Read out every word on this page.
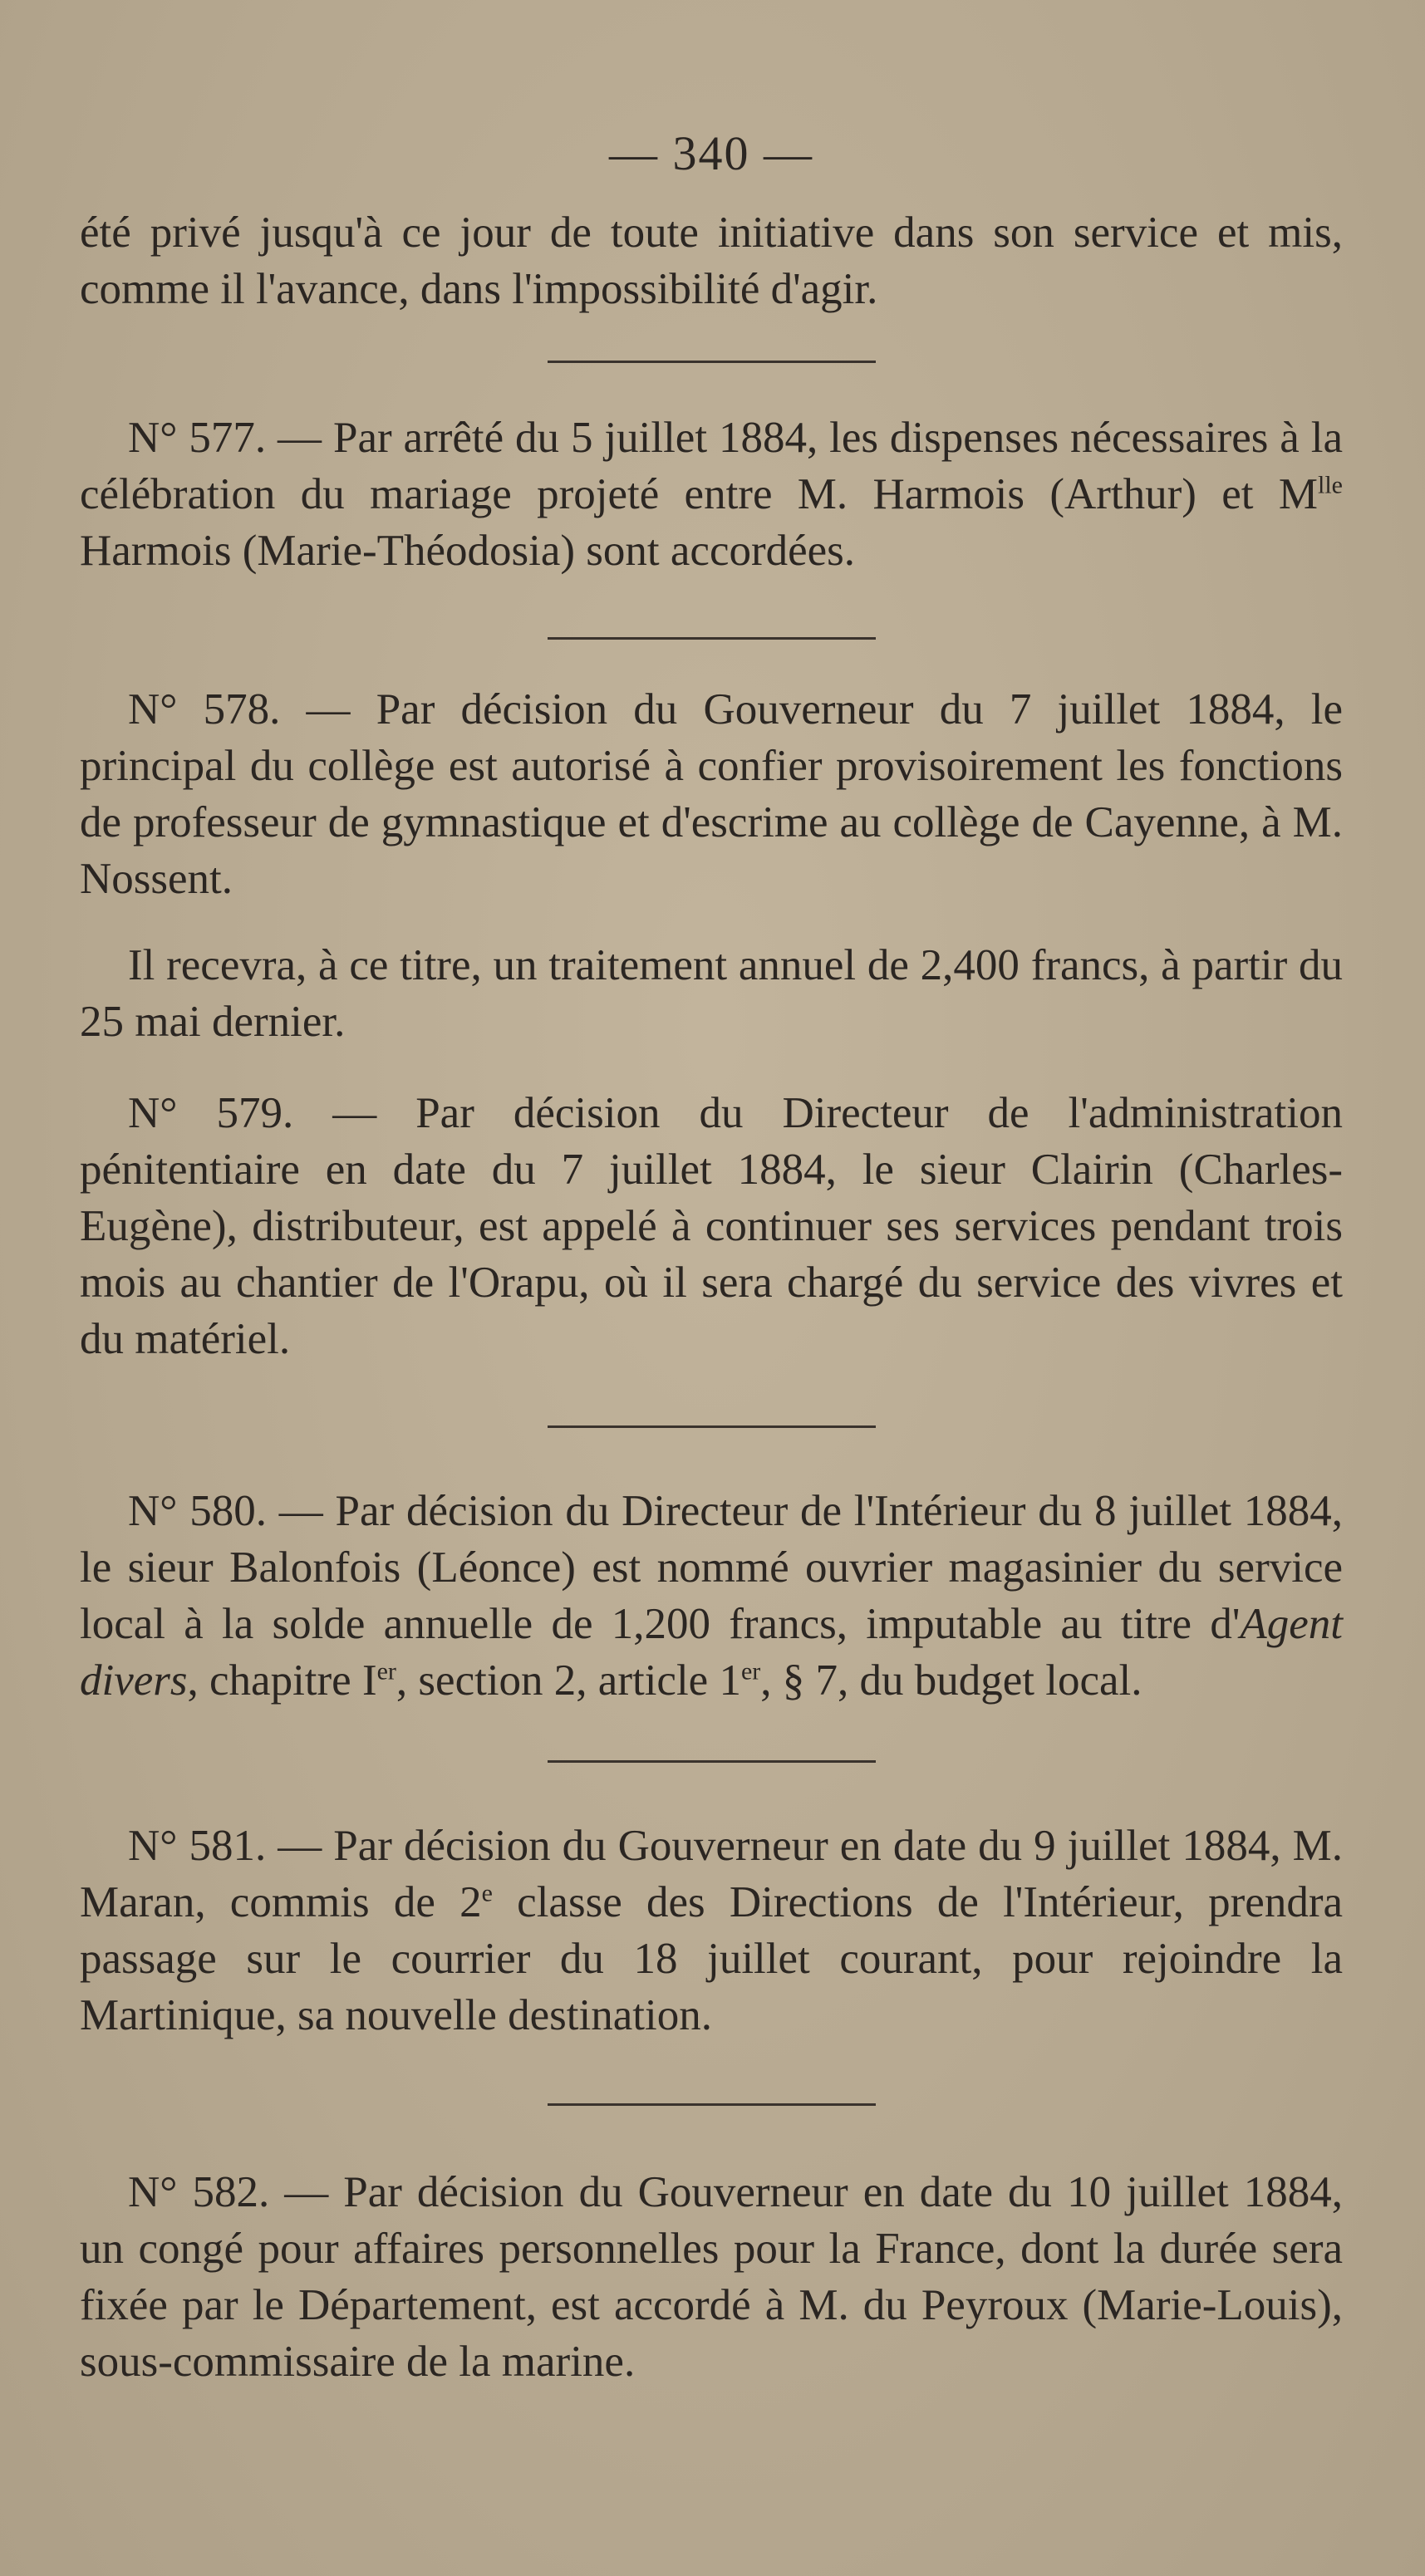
— 340 —

été privé jusqu'à ce jour de toute initiative dans son service et mis, comme il l'avance, dans l'impossibilité d'agir.

N° 577. — Par arrêté du 5 juillet 1884, les dispenses nécessaires à la célébration du mariage projeté entre M. Harmois (Arthur) et $M^{lle}$ Harmois (Marie-Théodosia) sont accordées.

N° 578. — Par décision du Gouverneur du 7 juillet 1884, le principal du collège est autorisé à confier provisoirement les fonctions de professeur de gymnastique et d'escrime au collège de Cayenne, à M. Nossent.

Il recevra, à ce titre, un traitement annuel de 2,400 francs, à partir du 25 mai dernier.

N° 579. — Par décision du Directeur de l'administration pénitentiaire en date du 7 juillet 1884, le sieur Clairin (Charles-Eugène), distributeur, est appelé à continuer ses services pendant trois mois au chantier de l'Orapu, où il sera chargé du service des vivres et du matériel.

N° 580. — Par décision du Directeur de l'Intérieur du 8 juillet 1884, le sieur Balonfois (Léonce) est nommé ouvrier magasinier du service local à la solde annuelle de 1,200 francs, imputable au titre d'Agent divers, chapitre Ier, section 2, article 1er, § 7, du budget local.

N° 581. — Par décision du Gouverneur en date du 9 juillet 1884, M. Maran, commis de 2e classe des Directions de l'Intérieur, prendra passage sur le courrier du 18 juillet courant, pour rejoindre la Martinique, sa nouvelle destination.

N° 582. — Par décision du Gouverneur en date du 10 juillet 1884, un congé pour affaires personnelles pour la France, dont la durée sera fixée par le Département, est accordé à M. du Peyroux (Marie-Louis), sous-commissaire de la marine.
